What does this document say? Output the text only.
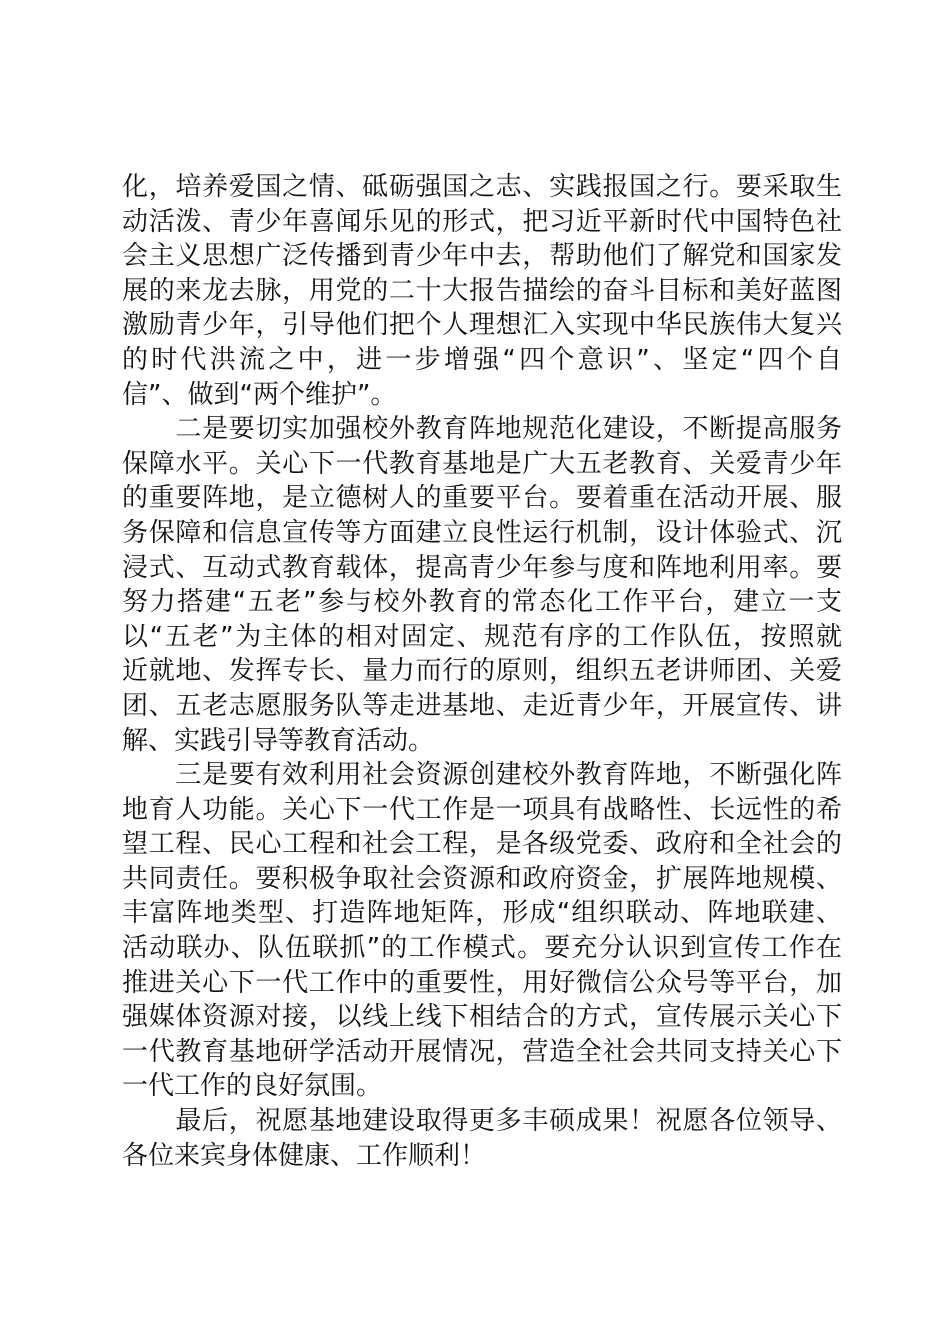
化，培养爱国之情、砥砺强国之志、实践报国之行。要采取生
动活泼、青少年喜闻乐见的形式，把习近平新时代中国特色社
会主义思想广泛传播到青少年中去，帮助他们了解党和国家发
展的来龙去脉，用党的二十大报告描绘的奋斗目标和美好蓝图
激励青少年，引导他们把个人理想汇入实现中华民族伟大复兴
的时代洪流之中，进一步增强“四个意识”、坚定“四个自
信”、做到“两个维护”。
　　二是要切实加强校外教育阵地规范化建设，不断提高服务
保障水平。关心下一代教育基地是广大五老教育、关爱青少年
的重要阵地，是立德树人的重要平台。要着重在活动开展、服
务保障和信息宣传等方面建立良性运行机制，设计体验式、沉
浸式、互动式教育载体，提高青少年参与度和阵地利用率。要
努力搭建“五老”参与校外教育的常态化工作平台，建立一支
以“五老”为主体的相对固定、规范有序的工作队伍，按照就
近就地、发挥专长、量力而行的原则，组织五老讲师团、关爱
团、五老志愿服务队等走进基地、走近青少年，开展宣传、讲
解、实践引导等教育活动。
　　三是要有效利用社会资源创建校外教育阵地，不断强化阵
地育人功能。关心下一代工作是一项具有战略性、长远性的希
望工程、民心工程和社会工程，是各级党委、政府和全社会的
共同责任。要积极争取社会资源和政府资金，扩展阵地规模、
丰富阵地类型、打造阵地矩阵，形成“组织联动、阵地联建、
活动联办、队伍联抓”的工作模式。要充分认识到宣传工作在
推进关心下一代工作中的重要性，用好微信公众号等平台，加
强媒体资源对接，以线上线下相结合的方式，宣传展示关心下
一代教育基地研学活动开展情况，营造全社会共同支持关心下
一代工作的良好氛围。
　　最后，祝愿基地建设取得更多丰硕成果！祝愿各位领导、
各位来宾身体健康、工作顺利！
